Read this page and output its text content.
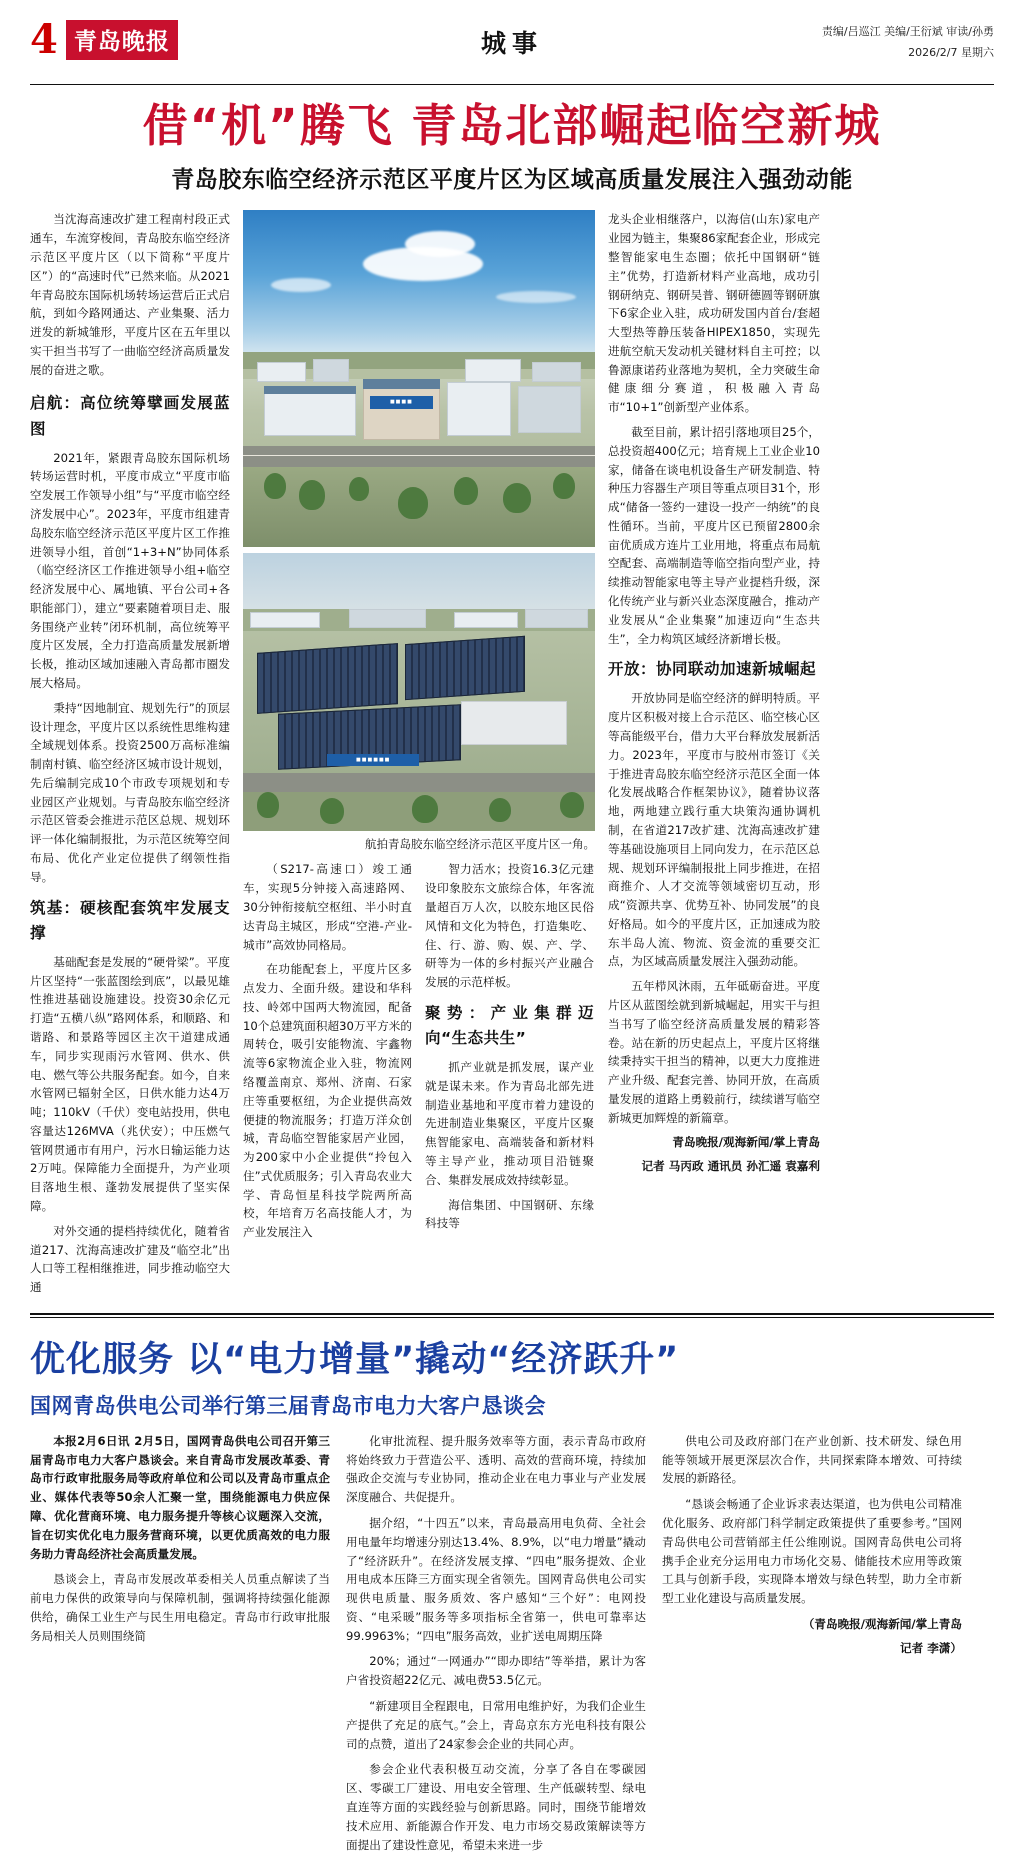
4 青岛晚报	城事	责编/吕巡江 美编/王衍斌 审读/孙勇
2026/2/7 星期六
借“机”腾飞 青岛北部崛起临空新城
青岛胶东临空经济示范区平度片区为区域高质量发展注入强劲动能

当沈海高速改扩建工程南村段正式通车，车流穿梭间，青岛胶东临空经济示范区平度片区（以下简称“平度片区”）的“高速时代”已然来临。从2021年青岛胶东国际机场转场运营后正式启航，到如今路网通达、产业集聚、活力迸发的新城雏形，平度片区在五年里以实干担当书写了一曲临空经济高质量发展的奋进之歌。

启航：高位统筹擘画发展蓝图

2021年，紧跟青岛胶东国际机场转场运营时机，平度市成立“平度市临空发展工作领导小组”与“平度市临空经济发展中心”。2023年，平度市组建青岛胶东临空经济示范区平度片区工作推进领导小组，首创“1+3+N”协同体系（临空经济区工作推进领导小组+临空经济发展中心、属地镇、平台公司+各职能部门），建立“要素随着项目走、服务围绕产业转”闭环机制，高位统筹平度片区发展，全力打造高质量发展新增长极，推动区域加速融入青岛都市圈发展大格局。

秉持“因地制宜、规划先行”的顶层设计理念，平度片区以系统性思维构建全域规划体系。投资2500万高标准编制南村镇、临空经济区城市设计规划，先后编制完成10个市政专项规划和专业园区产业规划。与青岛胶东临空经济示范区管委会推进示范区总规、规划环评一体化编制报批，为示范区统筹空间布局、优化产业定位提供了纲领性指导。

筑基：硬核配套筑牢发展支撑

基础配套是发展的“硬骨梁”。平度片区坚持“一张蓝图绘到底”，以最见雄性推进基础设施建设。投资30余亿元打造“五横八纵”路网体系，和顺路、和谐路、和景路等园区主次干道建成通车，同步实现雨污水管网、供水、供电、燃气等公共服务配套。如今，自来水管网已辐射全区，日供水能力达4万吨；110kV（千伏）变电站投用，供电容量达126MVA（兆伏安）；中压燃气管网贯通市有用户，污水日输运能力达2万吨。保障能力全面提升，为产业项目落地生根、蓬勃发展提供了坚实保障。

对外交通的提档持续优化，随着省道217、沈海高速改扩建及“临空北”出人口等工程相继推进，同步推动临空大通

■■■■
■■■■■■
航拍青岛胶东临空经济示范区平度片区一角。

（S217-高速口）竣工通车，实现5分钟接入高速路网、30分钟衔接航空枢纽、半小时直达青岛主城区，形成“空港-产业-城市”高效协同格局。

在功能配套上，平度片区多点发力、全面升级。建设和华科技、岭郊中国两大物流园，配备10个总建筑面积超30万平方米的周转仓，吸引安能物流、宇鑫物流等6家物流企业入驻，物流网络覆盖南京、郑州、济南、石家庄等重要枢纽，为企业提供高效便捷的物流服务；打造万洋众创城，青岛临空智能家居产业园，为200家中小企业提供“拎包入住”式优质服务；引入青岛农业大学、青岛恒星科技学院两所高校，年培育万名高技能人才，为产业发展注入

智力活水；投资16.3亿元建设印象胶东文旅综合体，年客流量超百万人次，以胶东地区民俗风情和文化为特色，打造集吃、住、行、游、购、娱、产、学、研等为一体的乡村振兴产业融合发展的示范样板。

聚势：产业集群迈向“生态共生”

抓产业就是抓发展，谋产业就是谋未来。作为青岛北部先进制造业基地和平度市着力建设的先进制造业集聚区，平度片区聚焦智能家电、高端装备和新材料等主导产业，推动项目沿链聚合、集群发展成效持续彰显。

海信集团、中国钢研、东缘科技等

龙头企业相继落户，以海信(山东)家电产业园为链主，集聚86家配套企业，形成完整智能家电生态圈；依托中国钢研“链主”优势，打造新材料产业高地，成功引钢研纳克、钢研吴普、钢研德圆等钢研旗下6家企业入驻，成功研发国内首台/套超大型热等静压装备HIPEX1850，实现先进航空航天发动机关键材料自主可控；以鲁源康诺药业落地为契机，全力突破生命健康细分赛道，积极融入青岛市“10+1”创新型产业体系。

截至目前，累计招引落地项目25个，总投资超400亿元；培育规上工业企业10家，储备在谈电机设备生产研发制造、特种压力容器生产项目等重点项目31个，形成“储备一签约一建设一投产一纳统”的良性循环。当前，平度片区已预留2800余亩优质成方连片工业用地，将重点布局航空配套、高端制造等临空指向型产业，持续推动智能家电等主导产业提档升级，深化传统产业与新兴业态深度融合，推动产业发展从“企业集聚”加速迈向“生态共生”，全力构筑区域经济新增长极。

开放：协同联动加速新城崛起

开放协同是临空经济的鲜明特质。平度片区积极对接上合示范区、临空核心区等高能级平台，借力大平台释放发展新活力。2023年，平度市与胶州市签订《关于推进青岛胶东临空经济示范区全面一体化发展战略合作框架协议》，随着协议落地，两地建立践行重大块策沟通协调机制，在省道217改扩建、沈海高速改扩建等基础设施项目上同向发力，在示范区总规、规划环评编制报批上同步推进，在招商推介、人才交流等领域密切互动，形成“资源共享、优势互补、协同发展”的良好格局。如今的平度片区，正加速成为胶东半岛人流、物流、资金流的重要交汇点，为区域高质量发展注入强劲动能。

五年栉风沐雨，五年砥砺奋进。平度片区从蓝图绘就到新城崛起，用实干与担当书写了临空经济高质量发展的精彩答卷。站在新的历史起点上，平度片区将继续秉持实干担当的精神，以更大力度推进产业升级、配套完善、协同开放，在高质量发展的道路上勇毅前行，续续谱写临空新城更加辉煌的新篇章。

青岛晚报/观海新闻/掌上青岛
记者 马丙政 通讯员 孙汇遥 袁嘉利
优化服务 以“电力增量”撬动“经济跃升”
国网青岛供电公司举行第三届青岛市电力大客户恳谈会

本报2月6日讯 2月5日，国网青岛供电公司召开第三届青岛市电力大客户恳谈会。来自青岛市发展改革委、青岛市行政审批服务局等政府单位和公司以及青岛市重点企业、媒体代表等50余人汇聚一堂，围绕能源电力供应保障、优化营商环境、电力服务提升等核心议题深入交流，旨在切实优化电力服务营商环境，以更优质高效的电力服务助力青岛经济社会高质量发展。

恳谈会上，青岛市发展改革委相关人员重点解读了当前电力保供的政策导向与保障机制，强调将持续强化能源供给，确保工业生产与民生用电稳定。青岛市行政审批服务局相关人员则围绕简

化审批流程、提升服务效率等方面，表示青岛市政府将始终致力于营造公平、透明、高效的营商环境，持续加强政企交流与专业协同，推动企业在电力事业与产业发展深度融合、共促提升。

据介绍，“十四五”以来，青岛最高用电负荷、全社会用电量年均增速分别达13.4%、8.9%，以“电力增量”撬动了“经济跃升”。在经济发展支撑、“四电”服务提效、企业用电成本压降三方面实现全省领先。国网青岛供电公司实现供电质量、服务质效、客户感知“三个好”：电网投资、“电采暖”服务等多项指标全省第一，供电可靠率达99.9963%；“四电”服务高效，业扩送电周期压降

20%；通过“一网通办”“即办即结”等举措，累计为客户省投资超22亿元、减电费53.5亿元。

“新建项目全程跟电，日常用电维护好，为我们企业生产提供了充足的底气。”会上，青岛京东方光电科技有限公司的点赞，道出了24家参会企业的共同心声。

参会企业代表积极互动交流，分享了各自在零碳园区、零碳工厂建设、用电安全管理、生产低碳转型、绿电直连等方面的实践经验与创新思路。同时，围绕节能增效技术应用、新能源合作开发、电力市场交易政策解读等方面提出了建设性意见，希望未来进一步

供电公司及政府部门在产业创新、技术研发、绿色用能等领域开展更深层次合作，共同探索降本增效、可持续发展的新路径。

“恳谈会畅通了企业诉求表达渠道，也为供电公司精准优化服务、政府部门科学制定政策提供了重要参考。”国网青岛供电公司营销部主任公维刚说。国网青岛供电公司将携手企业充分运用电力市场化交易、储能技术应用等政策工具与创新手段，实现降本增效与绿色转型，助力全市新型工业化建设与高质量发展。

（青岛晚报/观海新闻/掌上青岛
记者 李潇）
